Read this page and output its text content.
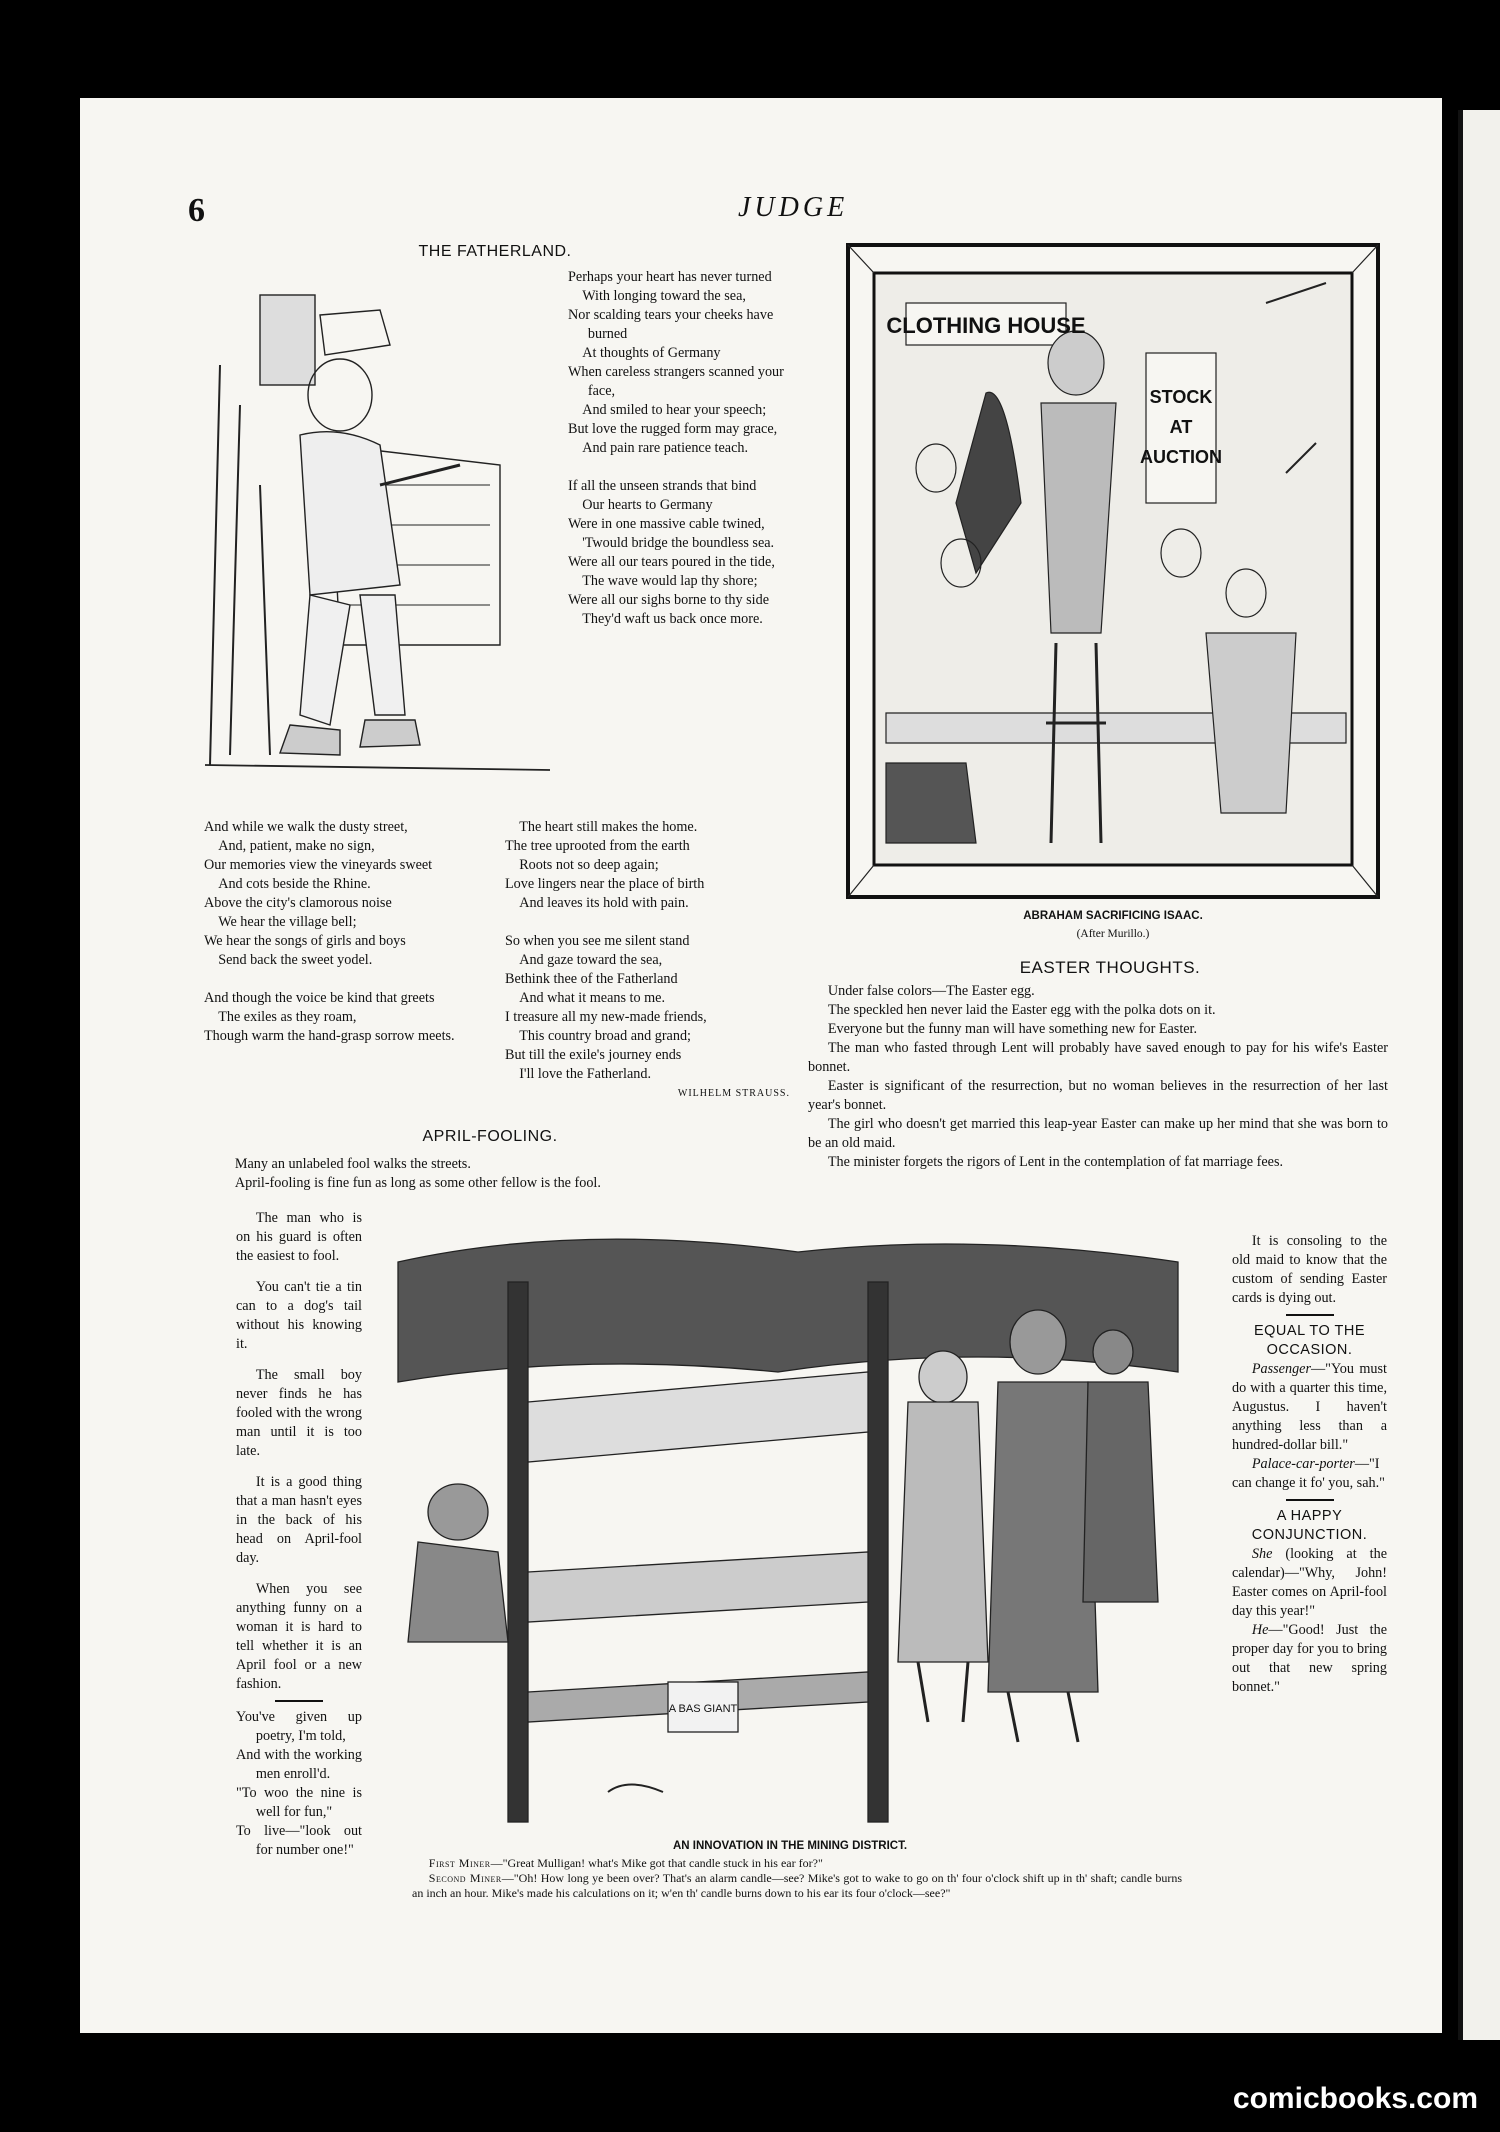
6	JUDGE
THE FATHERLAND.

Perhaps your heart has never turned

With longing toward the sea,

Nor scalding tears your cheeks have burned

At thoughts of Germany

When careless strangers scanned your face,

And smiled to hear your speech;

But love the rugged form may grace,

And pain rare patience teach.

If all the unseen strands that bind

Our hearts to Germany

Were in one massive cable twined,

'Twould bridge the boundless sea.

Were all our tears poured in the tide,

The wave would lap thy shore;

Were all our sighs borne to thy side

They'd waft us back once more.

And while we walk the dusty street,

And, patient, make no sign,

Our memories view the vineyards sweet

And cots beside the Rhine.

Above the city's clamorous noise

We hear the village bell;

We hear the songs of girls and boys

Send back the sweet yodel.

And though the voice be kind that greets

The exiles as they roam,

Though warm the hand-grasp sorrow meets.

The heart still makes the home.

The tree uprooted from the earth

Roots not so deep again;

Love lingers near the place of birth

And leaves its hold with pain.

So when you see me silent stand

And gaze toward the sea,

Bethink thee of the Fatherland

And what it means to me.

I treasure all my new-made friends,

This country broad and grand;

But till the exile's journey ends

I'll love the Fatherland.

WILHELM STRAUSS.

CLOTHING HOUSE
STOCK
AT
AUCTION
ABRAHAM SACRIFICING ISAAC.
(After Murillo.)
EASTER THOUGHTS.

Under false colors—The Easter egg.

The speckled hen never laid the Easter egg with the polka dots on it.

Everyone but the funny man will have something new for Easter.

The man who fasted through Lent will probably have saved enough to pay for his wife's Easter bonnet.

Easter is significant of the resurrection, but no woman believes in the resurrection of her last year's bonnet.

The girl who doesn't get married this leap-year Easter can make up her mind that she was born to be an old maid.

The minister forgets the rigors of Lent in the contemplation of fat marriage fees.

APRIL-FOOLING.

Many an unlabeled fool walks the streets.

April-fooling is fine fun as long as some other fellow is the fool.

The man who is on his guard is often the easiest to fool.

You can't tie a tin can to a dog's tail without his knowing it.

The small boy never finds he has fooled with the wrong man until it is too late.

It is a good thing that a man hasn't eyes in the back of his head on April-fool day.

When you see anything funny on a woman it is hard to tell whether it is an April fool or a new fashion.

You've given up poetry, I'm told,

And with the working men enroll'd.

"To woo the nine is well for fun,"

To live—"look out for number one!"

A BAS GIANT
AN INNOVATION IN THE MINING DISTRICT.

First Miner—"Great Mulligan! what's Mike got that candle stuck in his ear for?"

Second Miner—"Oh! How long ye been over? That's an alarm candle—see? Mike's got to wake to go on th' four o'clock shift up in th' shaft; candle burns an inch an hour. Mike's made his calculations on it; w'en th' candle burns down to his ear its four o'clock—see?"

It is consoling to the old maid to know that the custom of sending Easter cards is dying out.

EQUAL TO THE OCCASION.

Passenger—"You must do with a quarter this time, Augustus. I haven't anything less than a hundred-dollar bill."

Palace-car-porter—"I can change it fo' you, sah."

A HAPPY CONJUNCTION.

She (looking at the calendar)—"Why, John! Easter comes on April-fool day this year!"

He—"Good! Just the proper day for you to bring out that new spring bonnet."

comicbooks.com
